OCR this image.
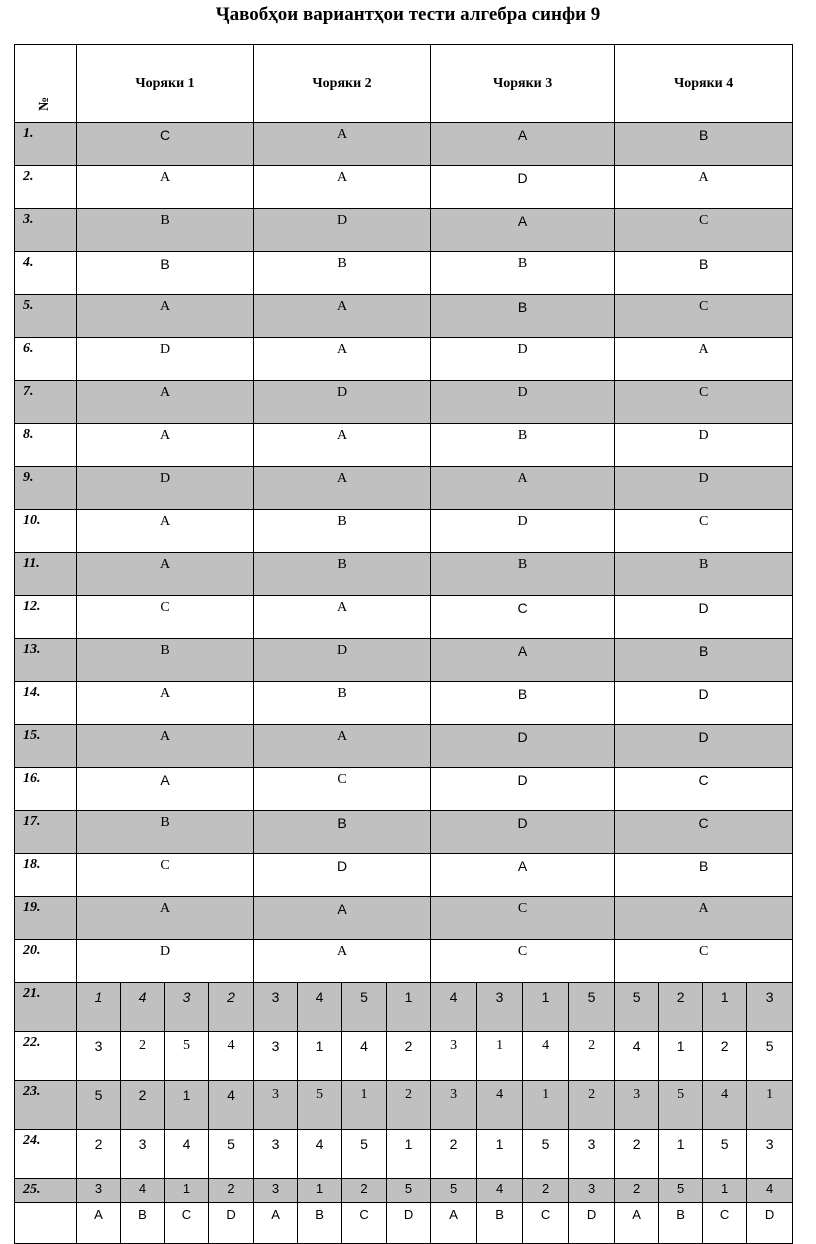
Ҷавобҳои вариантҳои тести алгебра синфи 9
№	Чоряки 1				Чоряки 2				Чоряки 3				Чоряки 4			
1.	C				A				A				B			
2.	A				A				D				A			
3.	B				D				A				C			
4.	B				B				B				B			
5.	A				A				B				C			
6.	D				A				D				A			
7.	A				D				D				C			
8.	A				A				B				D			
9.	D				A				A				D			
10.	A				B				D				C			
11.	A				B				B				B			
12.	C				A				C				D			
13.	B				D				A				B			
14.	A				B				B				D			
15.	A				A				D				D			
16.	A				C				D				C			
17.	B				B				D				C			
18.	C				D				A				B			
19.	A				A				C				A			
20.	D				A				C				C			
21.	1	4	3	2	3	4	5	1	4	3	1	5	5	2	1	3
22.	3	2	5	4	3	1	4	2	3	1	4	2	4	1	2	5
23.	5	2	1	4	3	5	1	2	3	4	1	2	3	5	4	1
24.	2	3	4	5	3	4	5	1	2	1	5	3	2	1	5	3
25.	3	4	1	2	3	1	2	5	5	4	2	3	2	5	1	4
	A	B	C	D	A	B	C	D	A	B	C	D	A	B	C	D
